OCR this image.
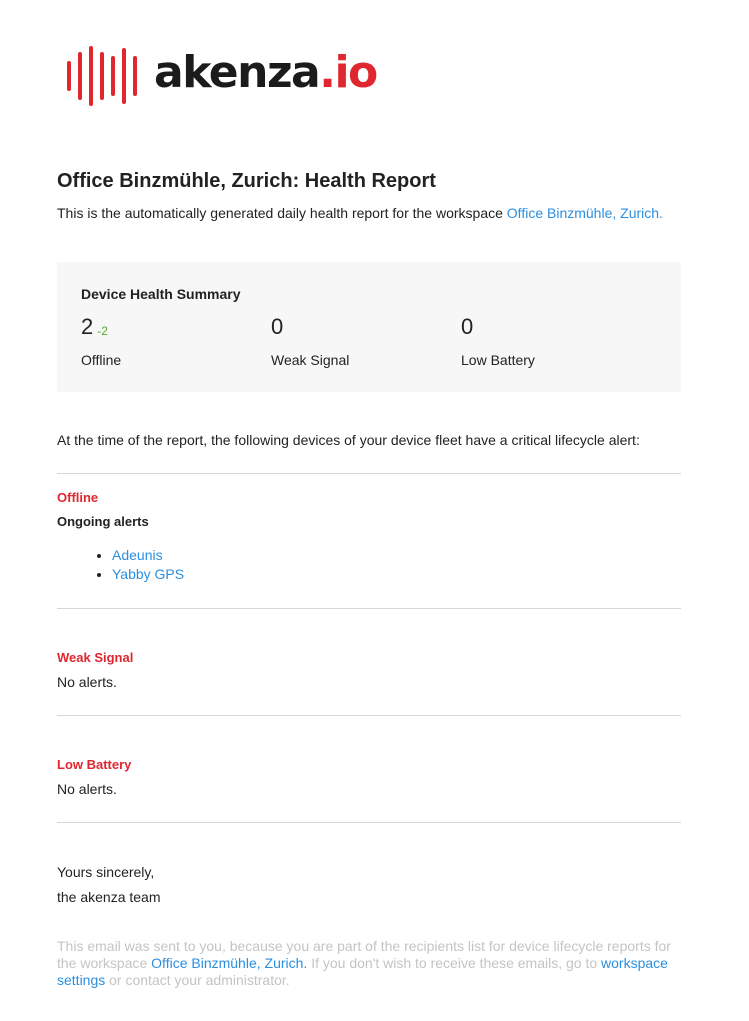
akenza.io
Office Binzmühle, Zurich: Health Report

This is the automatically generated daily health report for the workspace Office Binzmühle, Zurich.

Device Health Summary
2 -2
Offline
0
Weak Signal
0
Low Battery
At the time of the report, the following devices of your device fleet have a critical lifecycle alert:
Offline
Ongoing alerts
• Adeunis
• Yabby GPS
Weak Signal
No alerts.
Low Battery
No alerts.
Yours sincerely,
the akenza team
This email was sent to you, because you are part of the recipients list for device lifecycle reports for the workspace Office Binzmühle, Zurich. If you don't wish to receive these emails, go to workspace settings or contact your administrator.
